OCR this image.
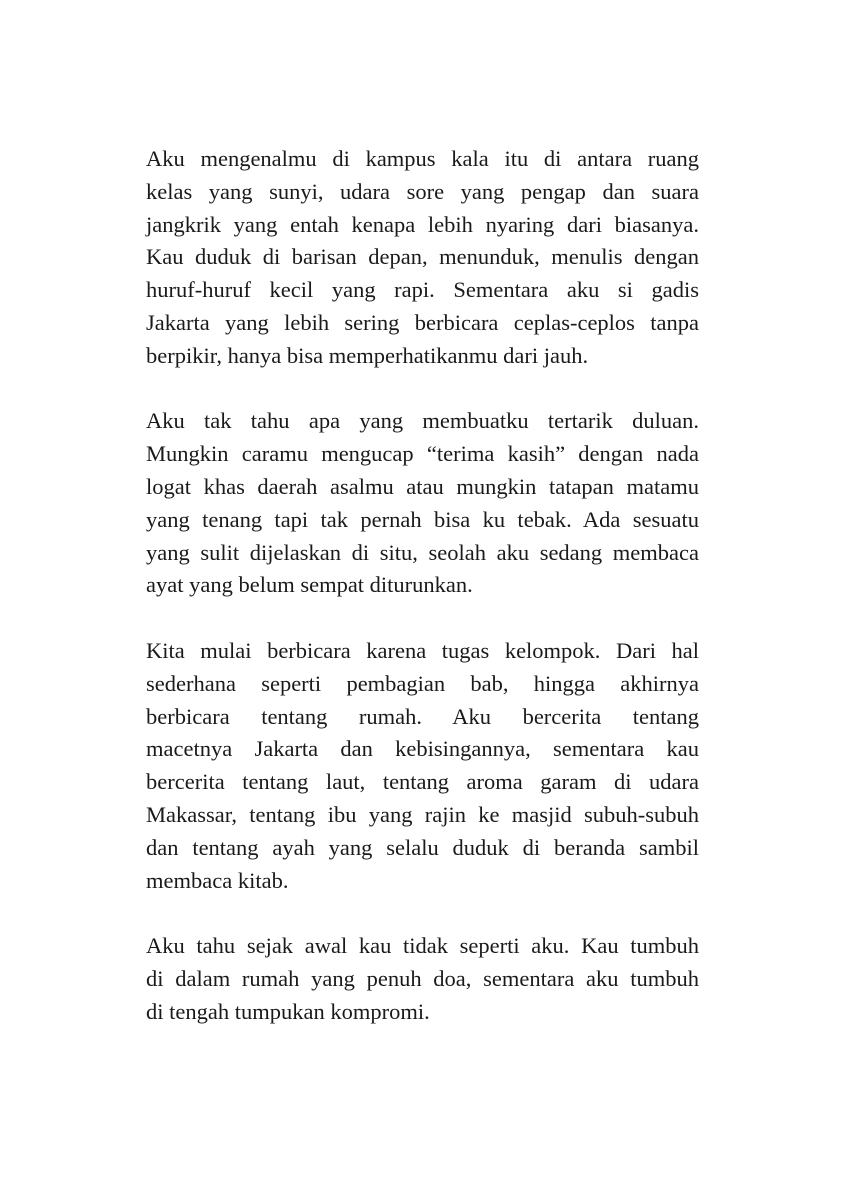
Aku mengenalmu di kampus kala itu di antara ruang
kelas yang sunyi, udara sore yang pengap dan suara
jangkrik yang entah kenapa lebih nyaring dari biasanya.
Kau duduk di barisan depan, menunduk, menulis dengan
huruf-huruf kecil yang rapi. Sementara aku si gadis
Jakarta yang lebih sering berbicara ceplas-ceplos tanpa
berpikir, hanya bisa memperhatikanmu dari jauh.

Aku tak tahu apa yang membuatku tertarik duluan.
Mungkin caramu mengucap “terima kasih” dengan nada
logat khas daerah asalmu atau mungkin tatapan matamu
yang tenang tapi tak pernah bisa ku tebak. Ada sesuatu
yang sulit dijelaskan di situ, seolah aku sedang membaca
ayat yang belum sempat diturunkan.

Kita mulai berbicara karena tugas kelompok. Dari hal
sederhana seperti pembagian bab, hingga akhirnya
berbicara tentang rumah. Aku bercerita tentang
macetnya Jakarta dan kebisingannya, sementara kau
bercerita tentang laut, tentang aroma garam di udara
Makassar, tentang ibu yang rajin ke masjid subuh-subuh
dan tentang ayah yang selalu duduk di beranda sambil
membaca kitab.

Aku tahu sejak awal kau tidak seperti aku. Kau tumbuh
di dalam rumah yang penuh doa, sementara aku tumbuh
di tengah tumpukan kompromi.
